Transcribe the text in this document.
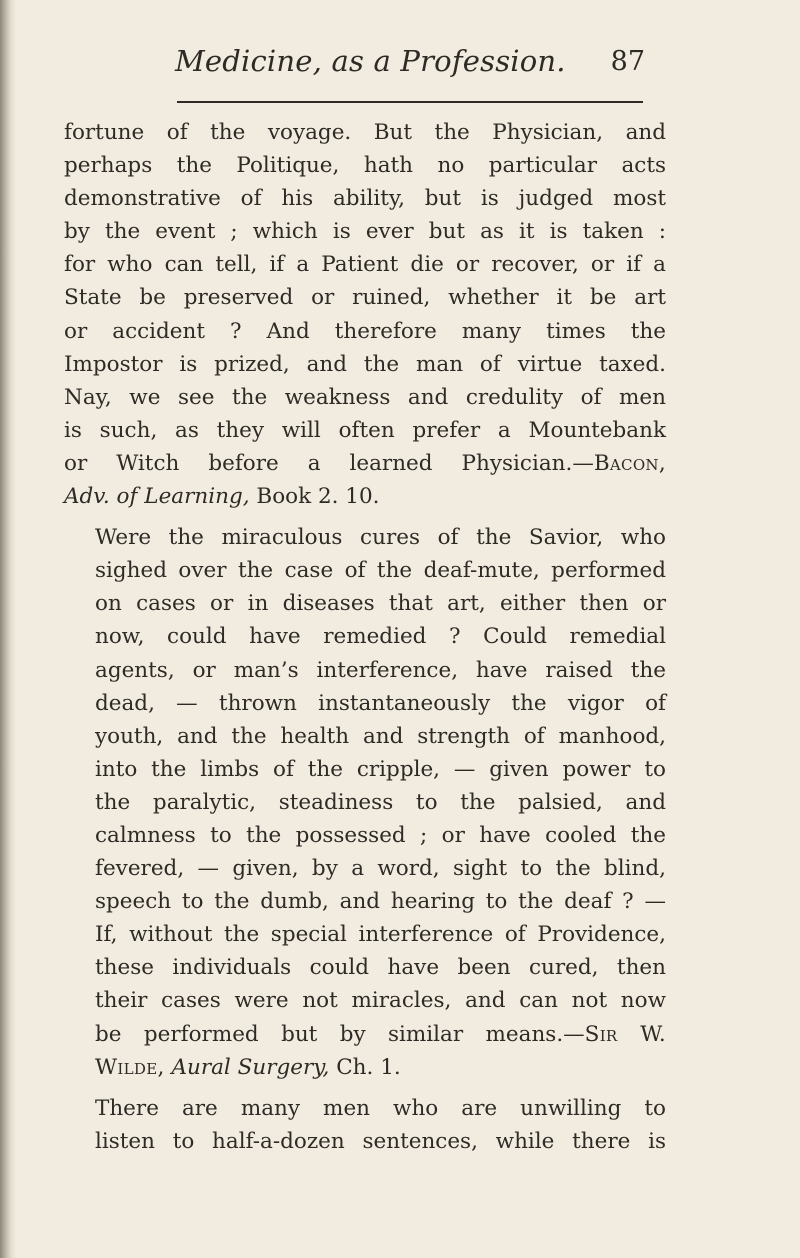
Medicine, as a Profession. 87

fortune of the voyage. But the Physician, and
perhaps the Politique, hath no particular acts
demonstrative of his ability, but is judged most
by the event ; which is ever but as it is taken :
for who can tell, if a Patient die or recover, or if a
State be preserved or ruined, whether it be art
or accident ? And therefore many times the
Impostor is prized, and the man of virtue taxed.
Nay, we see the weakness and credulity of men
is such, as they will often prefer a Mountebank
or Witch before a learned Physician.—Bacon,
Adv. of Learning, Book 2. 10.

Were the miraculous cures of the Savior, who
sighed over the case of the deaf-mute, performed
on cases or in diseases that art, either then or
now, could have remedied ? Could remedial
agents, or man’s interference, have raised the
dead, — thrown instantaneously the vigor of
youth, and the health and strength of manhood,
into the limbs of the cripple, — given power to
the paralytic, steadiness to the palsied, and
calmness to the possessed ; or have cooled the
fevered, — given, by a word, sight to the blind,
speech to the dumb, and hearing to the deaf ? —
If, without the special interference of Providence,
these individuals could have been cured, then
their cases were not miracles, and can not now
be performed but by similar means.—Sir W.
Wilde, Aural Surgery, Ch. 1.

There are many men who are unwilling to
listen to half-a-dozen sentences, while there is
